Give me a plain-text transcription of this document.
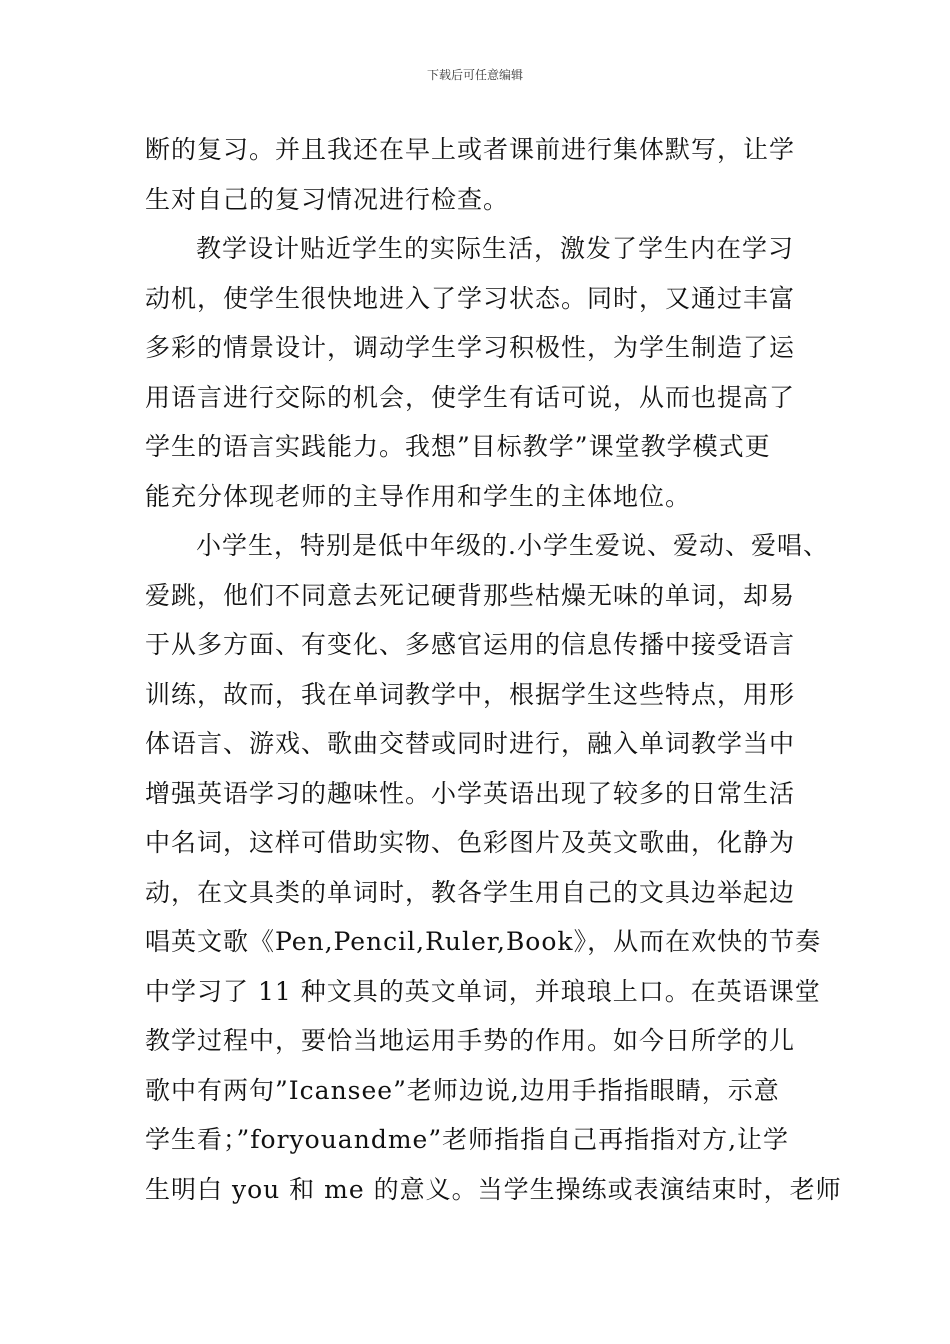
下载后可任意编辑
断的复习。并且我还在早上或者课前进行集体默写，让学
生对自己的复习情况进行检查。
教学设计贴近学生的实际生活，激发了学生内在学习
动机，使学生很快地进入了学习状态。同时，又通过丰富
多彩的情景设计，调动学生学习积极性，为学生制造了运
用语言进行交际的机会，使学生有话可说，从而也提高了
学生的语言实践能力。我想”目标教学”课堂教学模式更
能充分体现老师的主导作用和学生的主体地位。
小学生，特别是低中年级的.小学生爱说、爱动、爱唱、
爱跳，他们不同意去死记硬背那些枯燥无味的单词，却易
于从多方面、有变化、多感官运用的信息传播中接受语言
训练，故而，我在单词教学中，根据学生这些特点，用形
体语言、游戏、歌曲交替或同时进行，融入单词教学当中
增强英语学习的趣味性。小学英语出现了较多的日常生活
中名词，这样可借助实物、色彩图片及英文歌曲，化静为
动，在文具类的单词时，教各学生用自己的文具边举起边
唱英文歌《Pen,Pencil,Ruler,Book》，从而在欢快的节奏
中学习了 11 种文具的英文单词，并琅琅上口。在英语课堂
教学过程中，要恰当地运用手势的作用。如今日所学的儿
歌中有两句”Icansee”老师边说,边用手指指眼睛，示意
学生看；”foryouandme”老师指指自己再指指对方,让学
生明白 you 和 me 的意义。当学生操练或表演结束时，老师
